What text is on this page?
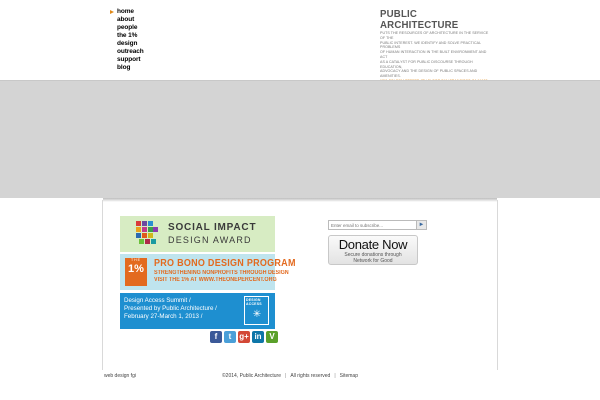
home
about
people
the 1%
design
outreach
support
blog
PUBLIC ARCHITECTURE
PUTS THE RESOURCES OF ARCHITECTURE IN THE SERVICE OF THE
PUBLIC INTEREST. WE IDENTIFY AND SOLVE PRACTICAL PROBLEMS
OF HUMAN INTERACTION IN THE BUILT ENVIRONMENT AND ACT
AS A CATALYST FOR PUBLIC DISCOURSE THROUGH EDUCATION,
ADVOCACY AND THE DESIGN OF PUBLIC SPACES AND AMENITIES.
SOCIAL IMPACT
DESIGN AWARD
THE
1%	PRO BONO DESIGN PROGRAM
STRENGTHENING NONPROFITS THROUGH DESIGN
VISIT THE 1% AT WWW.THEONEPERCENT.ORG
Design Access Summit /
Presented by Public Architecture /
February 27-March 1, 2013 /
DESIGN ACCESS
✳
f	t g+ in V
Enter email to subscribe...
►
Donate Now
Secure donations through
Network for Good
web design fgi	©2014, Public Architecture | All rights reserved | Sitemap
